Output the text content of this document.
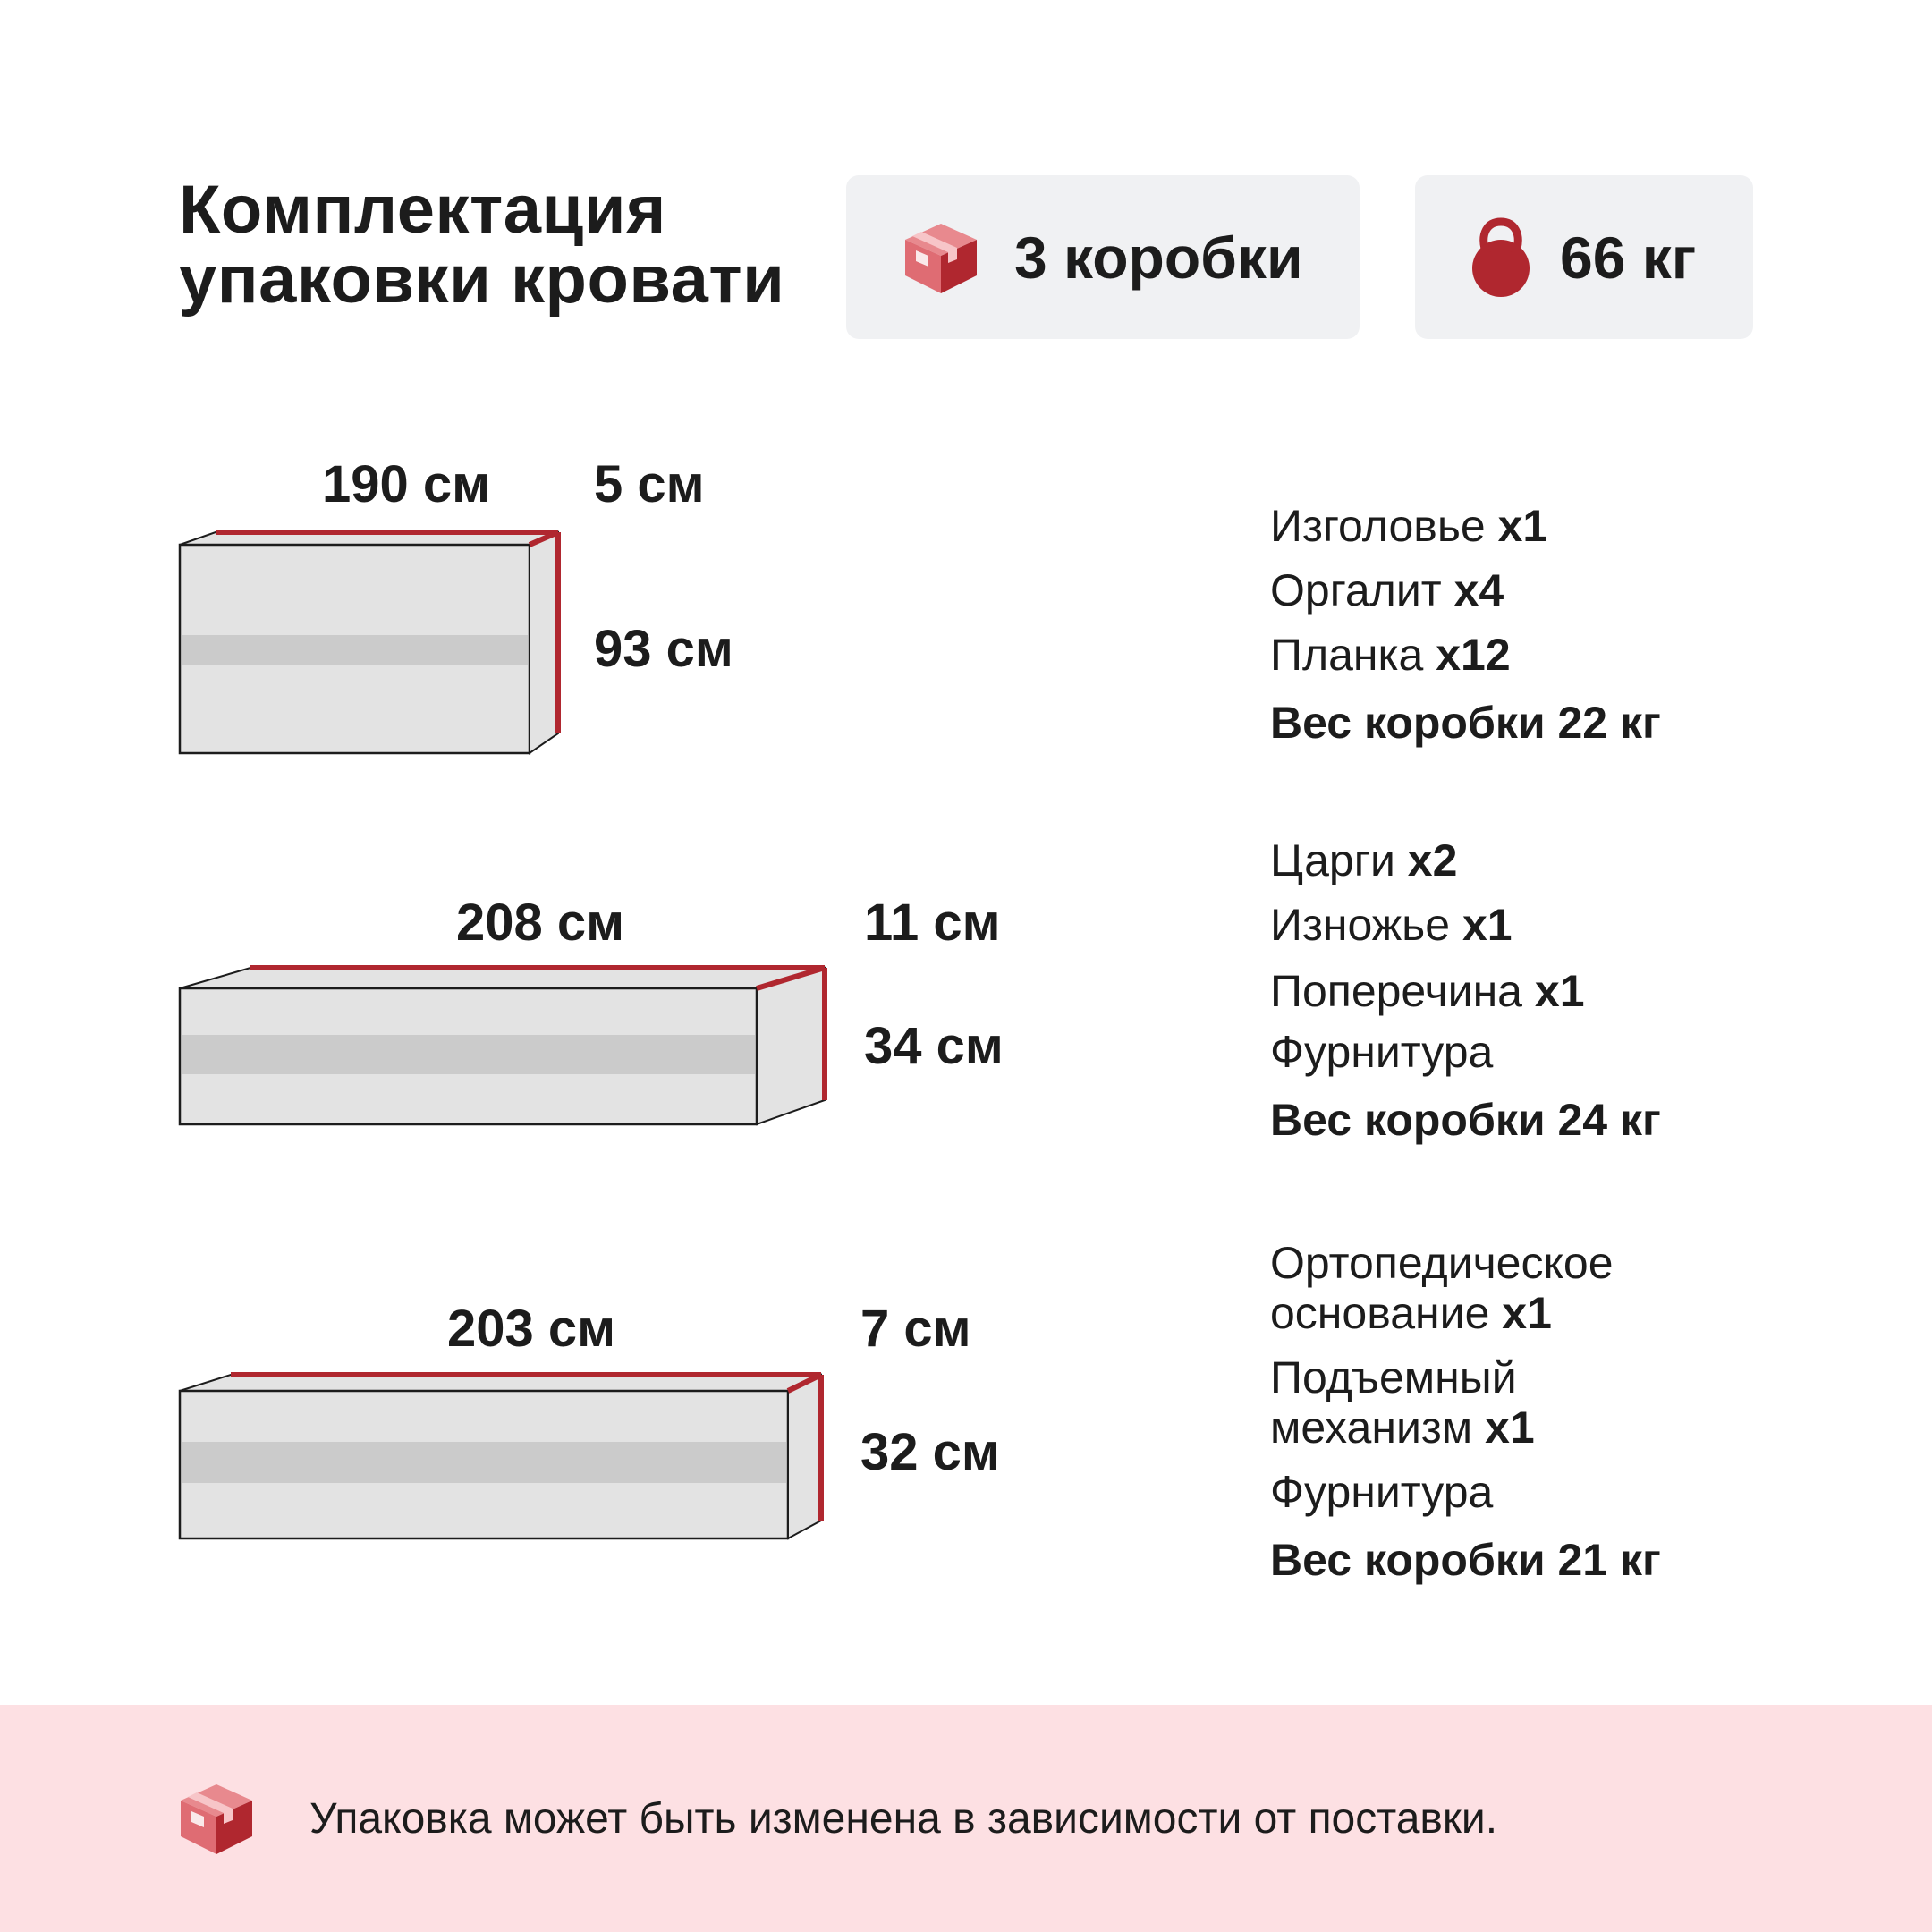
Комплектация
упаковки кровати	3 коробки	66 кг
190 см 5 см
93 см
208 см	11 см
34 см
203 см	7 см
32 см
Изголовье x1
Оргалит x4
Планка x12
Вес коробки 22 кг
Царги x2
Изножье x1
Поперечина x1
Фурнитура
Вес коробки 24 кг
Ортопедическое
основание x1
Подъемный
механизм x1
Фурнитура
Вес коробки 21 кг
Упаковка может быть изменена в зависимости от поставки.
